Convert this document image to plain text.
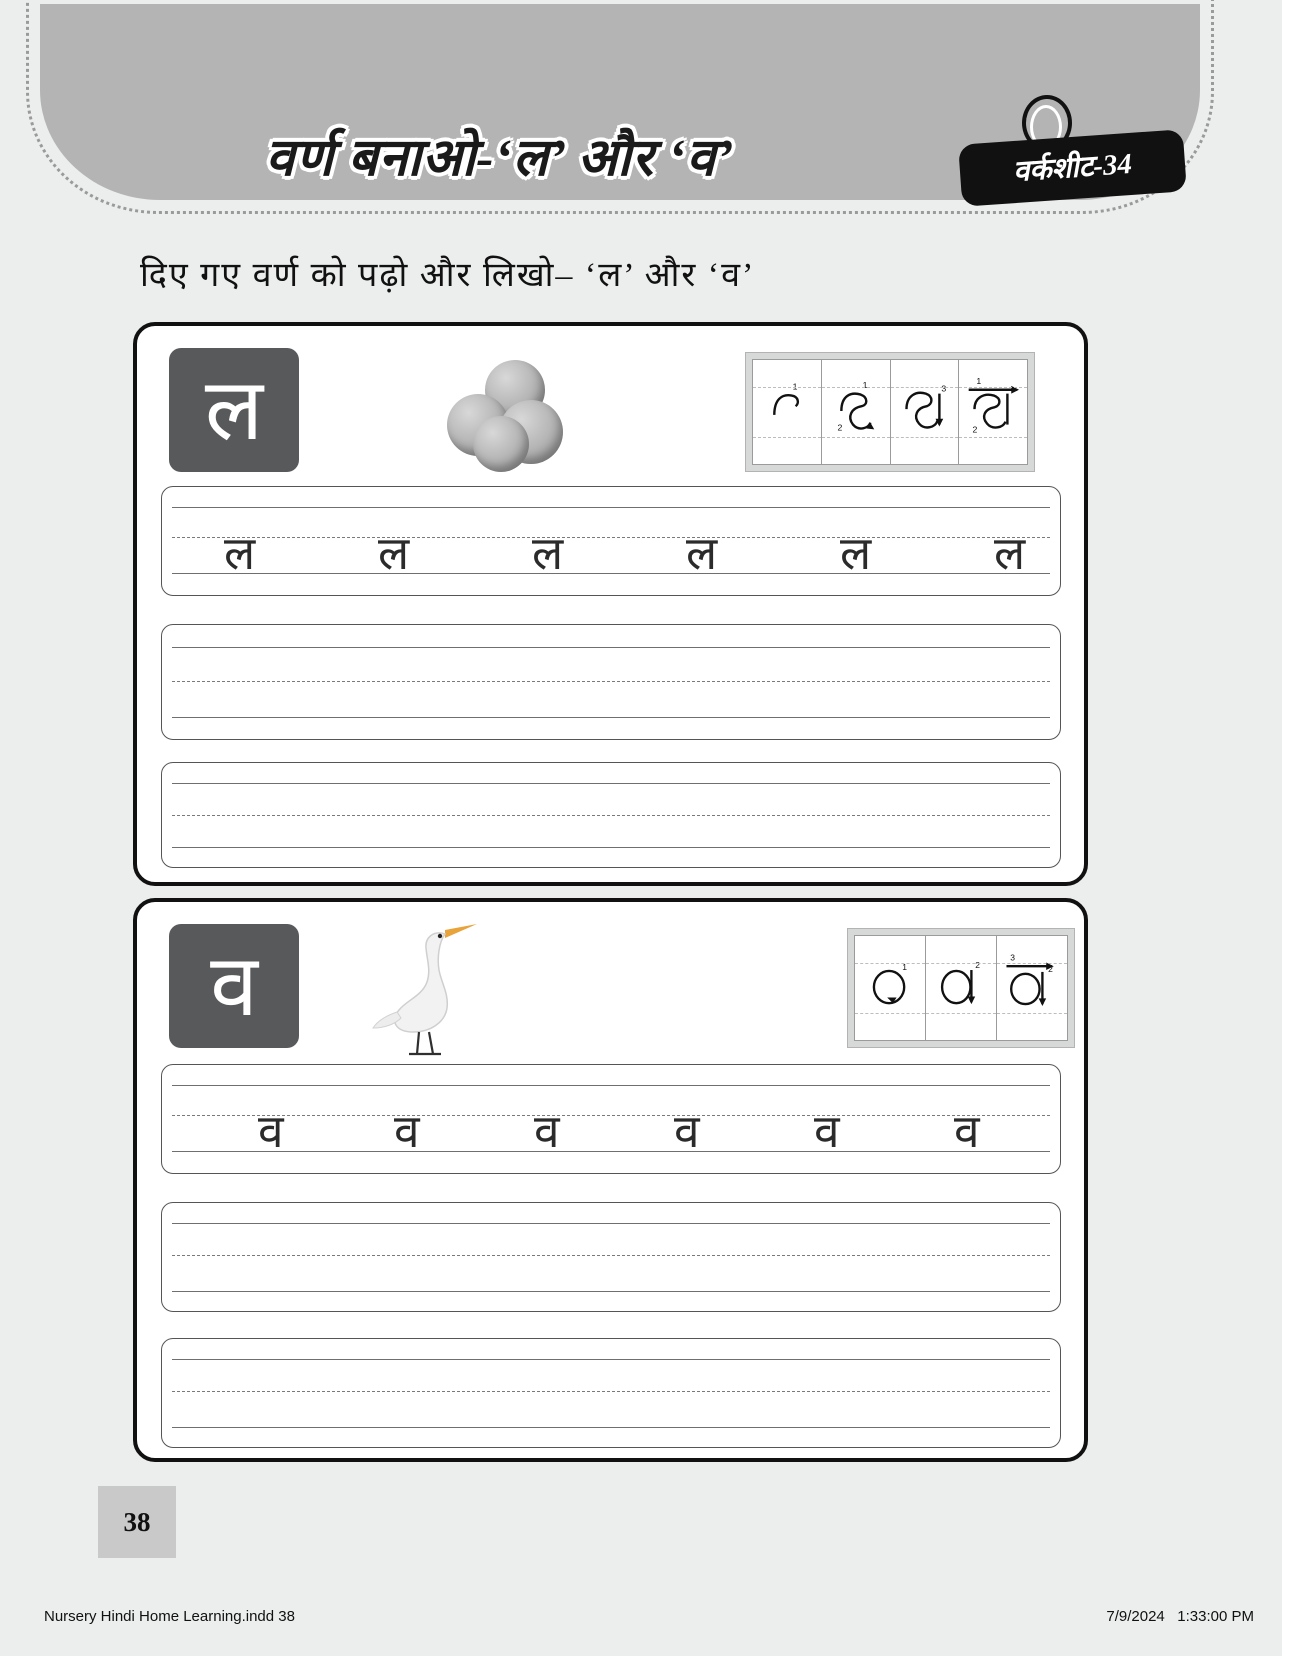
वर्ण बनाओ-‘ल’ और ‘व’	वर्कशीट-34
दिए गए वर्ण को पढ़ो और लिखो– ‘ल’ और ‘व’
ल	1	1
2
3
1
2
ल	ल	ल	ल	ल	ल
व	1	2
3
2
व व व व व व
38
Nursery Hindi Home Learning.indd 38	7/9/2024 1:33:00 PM
